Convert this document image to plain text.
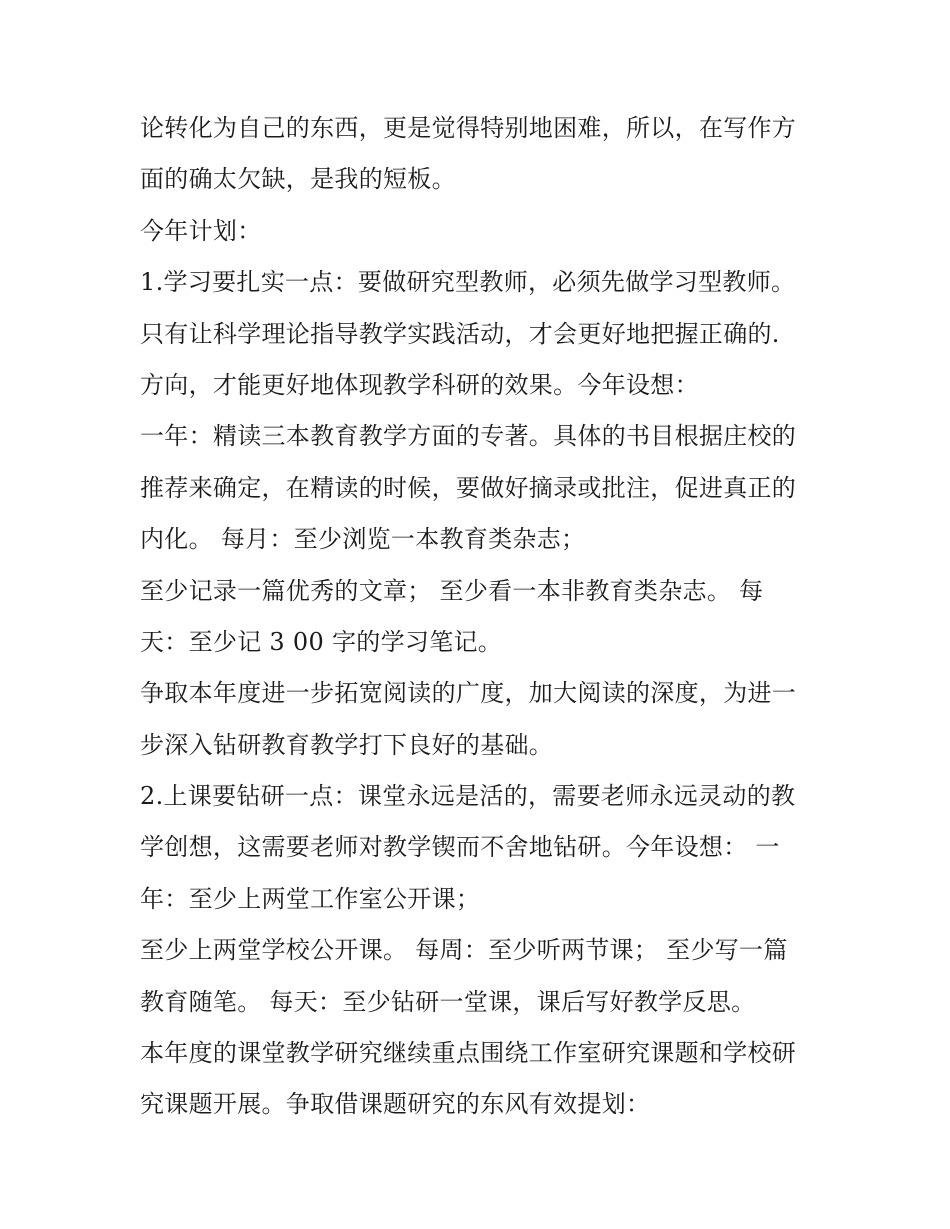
论转化为自己的东西，更是觉得特别地困难，所以，在写作方
面的确太欠缺，是我的短板。
今年计划：
1.学习要扎实一点：要做研究型教师，必须先做学习型教师。
只有让科学理论指导教学实践活动，才会更好地把握正确的.
方向，才能更好地体现教学科研的效果。今年设想：
一年：精读三本教育教学方面的专著。具体的书目根据庄校的
推荐来确定，在精读的时候，要做好摘录或批注，促进真正的
内化。 每月：至少浏览一本教育类杂志；
至少记录一篇优秀的文章； 至少看一本非教育类杂志。 每
天：至少记 3 00 字的学习笔记。
争取本年度进一步拓宽阅读的广度，加大阅读的深度，为进一
步深入钻研教育教学打下良好的基础。
2.上课要钻研一点：课堂永远是活的，需要老师永远灵动的教
学创想，这需要老师对教学锲而不舍地钻研。今年设想： 一
年：至少上两堂工作室公开课；
至少上两堂学校公开课。 每周：至少听两节课； 至少写一篇
教育随笔。 每天：至少钻研一堂课，课后写好教学反思。
本年度的课堂教学研究继续重点围绕工作室研究课题和学校研
究课题开展。争取借课题研究的东风有效提划：
